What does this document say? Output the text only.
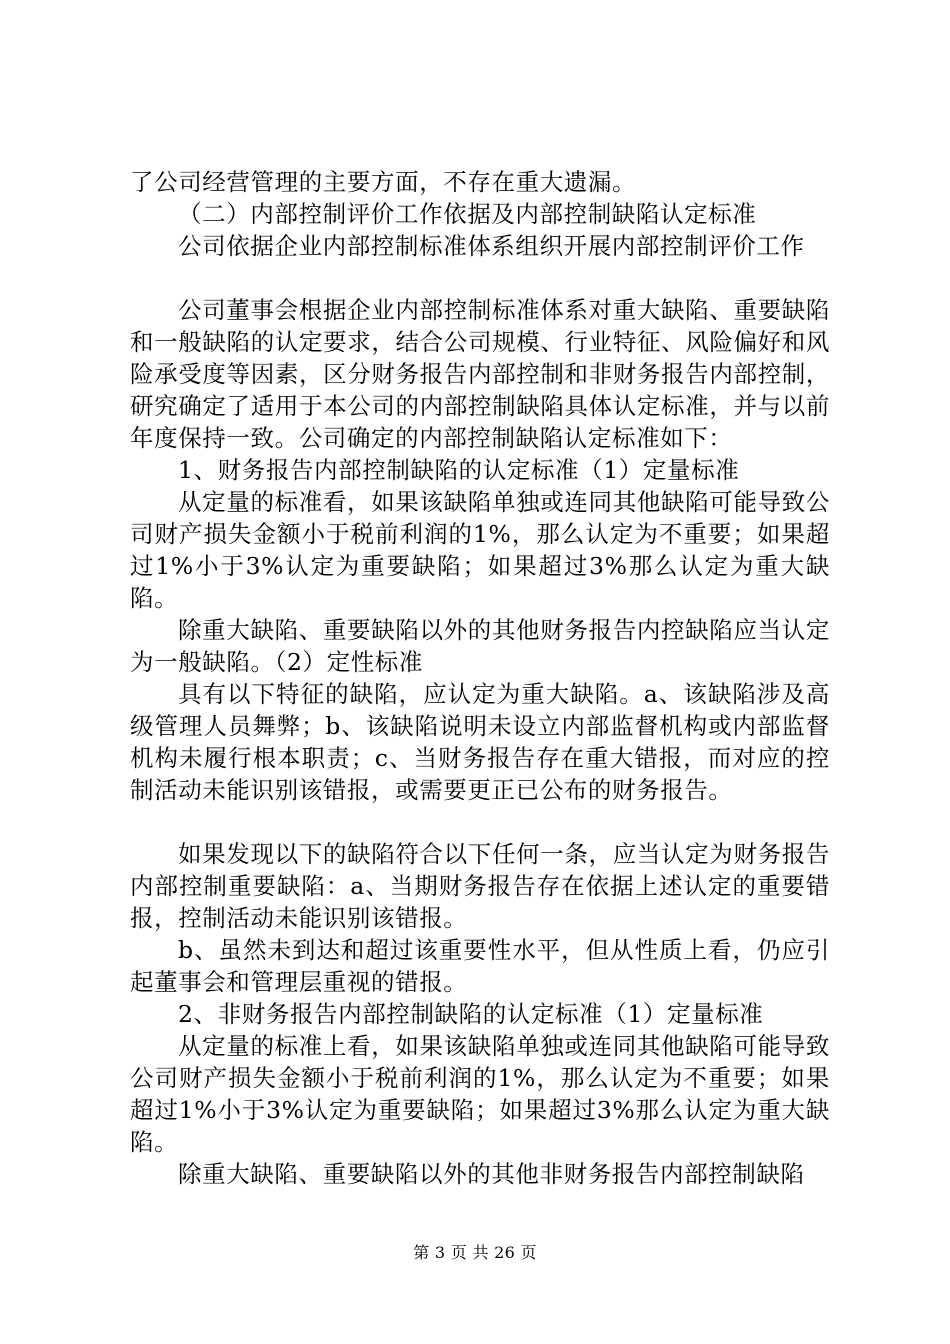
了公司经营管理的主要方面，不存在重大遗漏。

（二）内部控制评价工作依据及内部控制缺陷认定标准

公司依据企业内部控制标准体系组织开展内部控制评价工作

公司董事会根据企业内部控制标准体系对重大缺陷、重要缺陷和一般缺陷的认定要求，结合公司规模、行业特征、风险偏好和风险承受度等因素，区分财务报告内部控制和非财务报告内部控制，研究确定了适用于本公司的内部控制缺陷具体认定标准，并与以前年度保持一致。公司确定的内部控制缺陷认定标准如下：

1、财务报告内部控制缺陷的认定标准（1）定量标准

从定量的标准看，如果该缺陷单独或连同其他缺陷可能导致公司财产损失金额小于税前利润的1%，那么认定为不重要；如果超过1%小于3%认定为重要缺陷；如果超过3%那么认定为重大缺陷。

除重大缺陷、重要缺陷以外的其他财务报告内控缺陷应当认定为一般缺陷。（2）定性标准

具有以下特征的缺陷，应认定为重大缺陷。a、该缺陷涉及高级管理人员舞弊；b、该缺陷说明未设立内部监督机构或内部监督机构未履行根本职责；c、当财务报告存在重大错报，而对应的控制活动未能识别该错报，或需要更正已公布的财务报告。

如果发现以下的缺陷符合以下任何一条，应当认定为财务报告内部控制重要缺陷：a、当期财务报告存在依据上述认定的重要错报，控制活动未能识别该错报。

b、虽然未到达和超过该重要性水平，但从性质上看，仍应引起董事会和管理层重视的错报。

2、非财务报告内部控制缺陷的认定标准（1）定量标准

从定量的标准上看，如果该缺陷单独或连同其他缺陷可能导致公司财产损失金额小于税前利润的1%，那么认定为不重要；如果超过1%小于3%认定为重要缺陷；如果超过3%那么认定为重大缺陷。

除重大缺陷、重要缺陷以外的其他非财务报告内部控制缺陷

第 3 页 共 26 页
